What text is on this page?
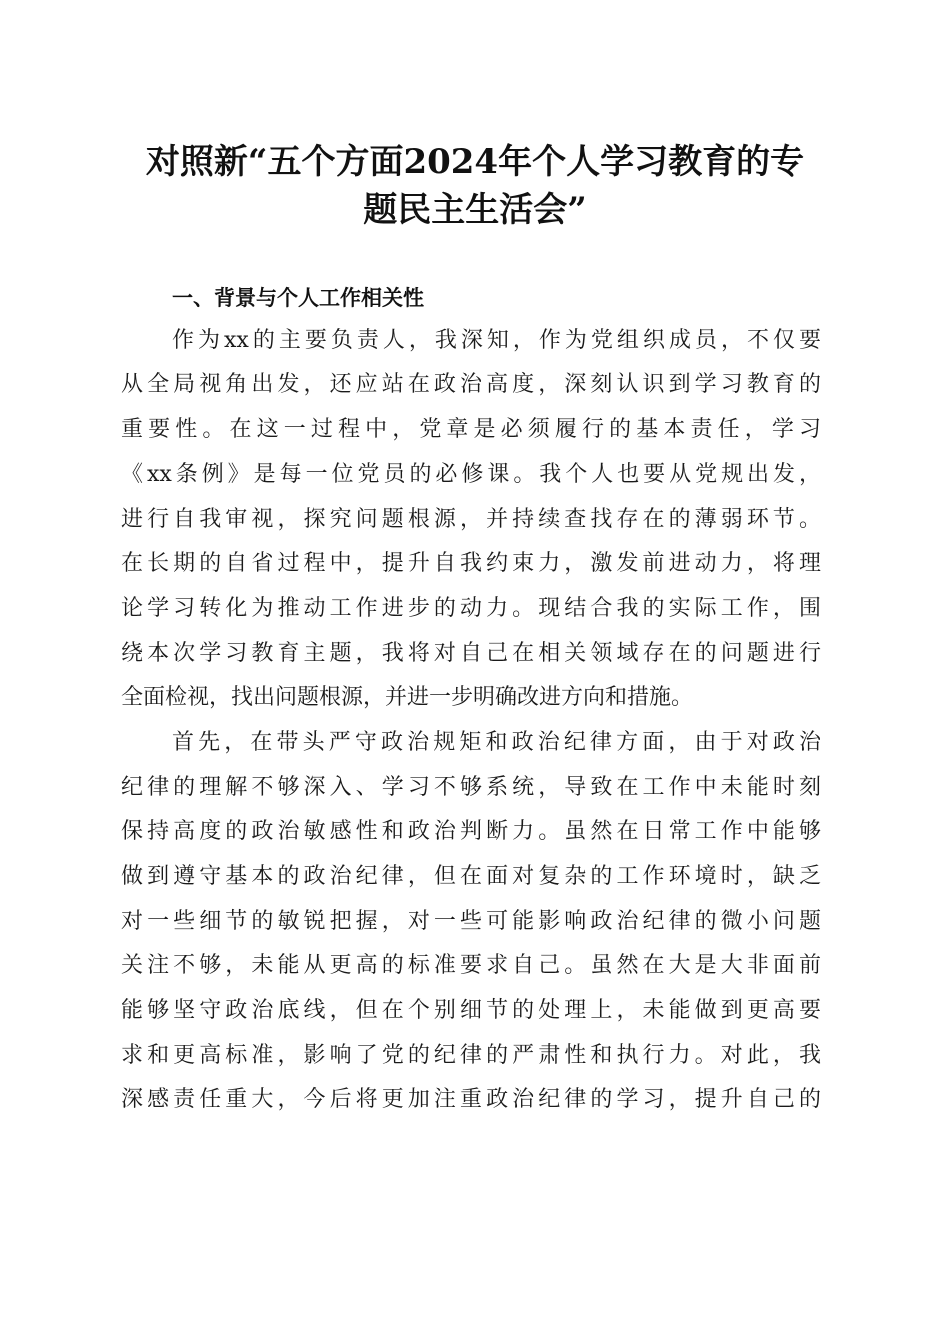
对照新“五个方面2024年个人学习教育的专
题民主生活会”
一、背景与个人工作相关性

作为xx的主要负责人，我深知，作为党组织成员，不仅要

从全局视角出发，还应站在政治高度，深刻认识到学习教育的

重要性。在这一过程中，党章是必须履行的基本责任，学习

《xx条例》是每一位党员的必修课。我个人也要从党规出发，

进行自我审视，探究问题根源，并持续查找存在的薄弱环节。

在长期的自省过程中，提升自我约束力，激发前进动力，将理

论学习转化为推动工作进步的动力。现结合我的实际工作，围

绕本次学习教育主题，我将对自己在相关领域存在的问题进行

全面检视，找出问题根源，并进一步明确改进方向和措施。

首先，在带头严守政治规矩和政治纪律方面，由于对政治

纪律的理解不够深入、学习不够系统，导致在工作中未能时刻

保持高度的政治敏感性和政治判断力。虽然在日常工作中能够

做到遵守基本的政治纪律，但在面对复杂的工作环境时，缺乏

对一些细节的敏锐把握，对一些可能影响政治纪律的微小问题

关注不够，未能从更高的标准要求自己。虽然在大是大非面前

能够坚守政治底线，但在个别细节的处理上，未能做到更高要

求和更高标准，影响了党的纪律的严肃性和执行力。对此，我

深感责任重大，今后将更加注重政治纪律的学习，提升自己的
